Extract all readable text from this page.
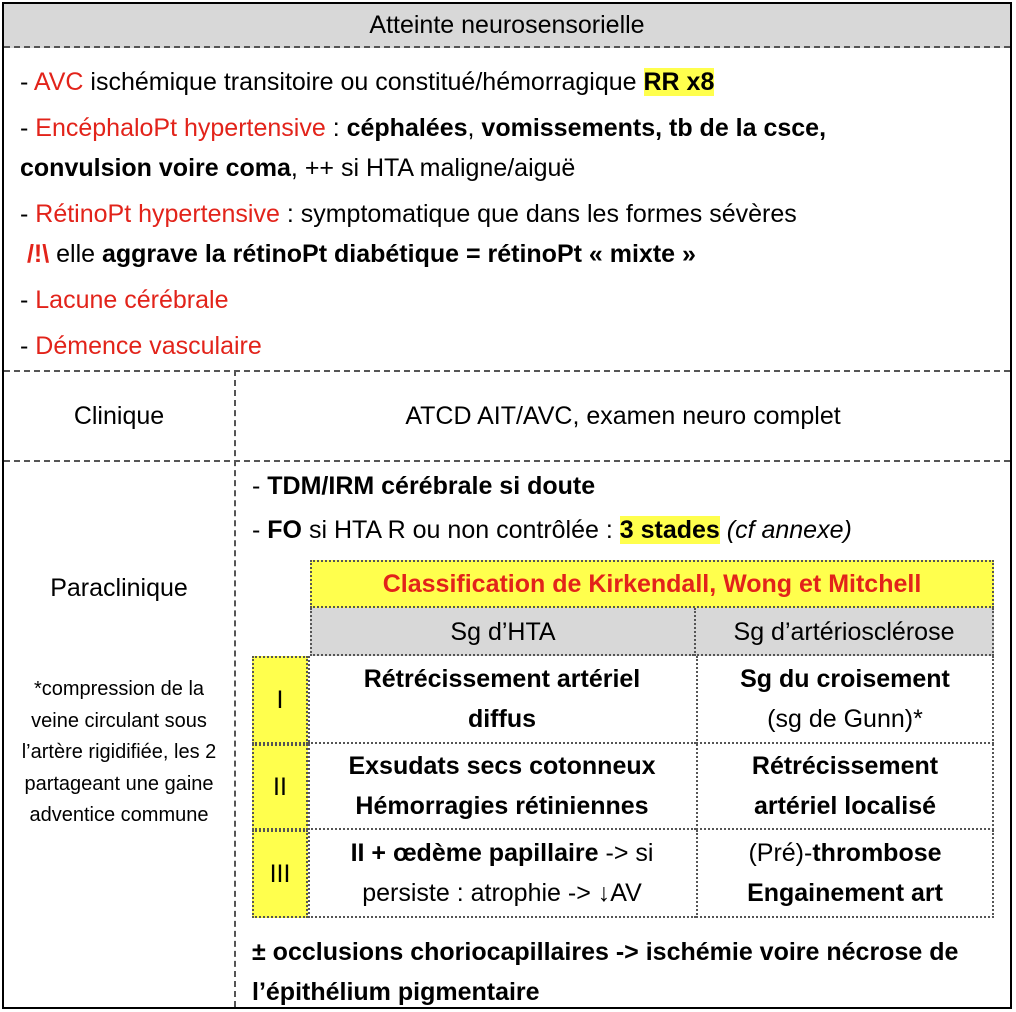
Atteinte neurosensorielle
- AVC ischémique transitoire ou constitué/hémorragique RR x8
- EncéphaloPt hypertensive : céphalées, vomissements, tb de la csce,
convulsion voire coma, ++ si HTA maligne/aiguë
- RétinoPt hypertensive : symptomatique que dans les formes sévères
/!\ elle aggrave la rétinoPt diabétique = rétinoPt « mixte »
- Lacune cérébrale
- Démence vasculaire
Clinique	ATCD AIT/AVC, examen neuro complet
Paraclinique
*compression de la veine circulant sous l’artère rigidifiée, les 2 partageant une gaine adventice commune
- TDM/IRM cérébrale si doute
- FO si HTA R ou non contrôlée : 3 stades (cf annexe)
Classification de Kirkendall, Wong et Mitchell
Sg d’HTA	Sg d’artériosclérose
I
Rétrécissement artériel
diffus
Sg du croisement
(sg de Gunn)*
II
Exsudats secs cotonneux
Hémorragies rétiniennes
Rétrécissement
artériel localisé
III
II + œdème papillaire -> si
persiste : atrophie -> ↓AV
(Pré)-thrombose
Engainement art
± occlusions choriocapillaires -> ischémie voire nécrose de l’épithélium pigmentaire
